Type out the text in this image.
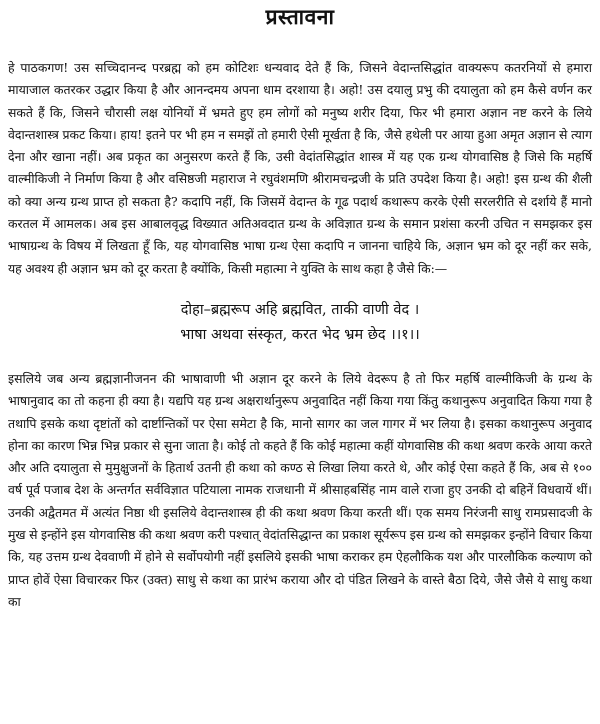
प्रस्तावना

हे पाठकगण! उस सच्चिदानन्द परब्रह्म को हम कोटिशः धन्यवाद देते हैं कि, जिसने वेदान्तसिद्धांत वाक्यरूप कतरनियों से हमारा मायाजाल कतरकर उद्धार किया है और आनन्दमय अपना धाम दरशाया है। अहो! उस दयालु प्रभु की दयालुता को हम कैसे वर्णन कर सकते हैं कि, जिसने चौरासी लक्ष योनियों में भ्रमते हुए हम लोगों को मनुष्य शरीर दिया, फिर भी हमारा अज्ञान नष्ट करने के लिये वेदान्तशास्त्र प्रकट किया। हाय! इतने पर भी हम न समझें तो हमारी ऐसी मूर्खता है कि, जैसे हथेली पर आया हुआ अमृत अज्ञान से त्याग देना और खाना नहीं। अब प्रकृत का अनुसरण करते हैं कि, उसी वेदांतसिद्धांत शास्त्र में यह एक ग्रन्थ योगवासिष्ठ है जिसे कि महर्षि वाल्मीकिजी ने निर्माण किया है और वसिष्ठजी महाराज ने रघुवंशमणि श्रीरामचन्द्रजी के प्रति उपदेश किया है। अहो! इस ग्रन्थ की शैली को क्या अन्य ग्रन्थ प्राप्त हो सकता है? कदापि नहीं, कि जिसमें वेदान्त के गूढ पदार्थ कथारूप करके ऐसी सरलरीति से दर्शाये हैं मानो करतल में आमलक। अब इस आबालवृद्ध विख्यात अतिअवदात ग्रन्थ के अविज्ञात ग्रन्थ के समान प्रशंसा करनी उचित न समझकर इस भाषाग्रन्थ के विषय में लिखता हूँ कि, यह योगवासिष्ठ भाषा ग्रन्थ ऐसा कदापि न जानना चाहिये कि, अज्ञान भ्रम को दूर नहीं कर सके, यह अवश्य ही अज्ञान भ्रम को दूर करता है क्योंकि, किसी महात्मा ने युक्ति के साथ कहा है जैसे कि:—

दोहा–ब्रह्मरूप अहि ब्रह्मवित, ताकी वाणी वेद ।
भाषा अथवा संस्कृत, करत भेद भ्रम छेद ।।१।।

इसलिये जब अन्य ब्रह्मज्ञानीजनन की भाषावाणी भी अज्ञान दूर करने के लिये वेदरूप है तो फिर महर्षि वाल्मीकिजी के ग्रन्थ के भाषानुवाद का तो कहना ही क्या है। यद्यपि यह ग्रन्थ अक्षरार्थानुरूप अनुवादित नहीं किया गया किंतु कथानुरूप अनुवादित किया गया है तथापि इसके कथा दृष्टांतों को दार्ष्टान्तिकों पर ऐसा समेटा है कि, मानो सागर का जल गागर में भर लिया है। इसका कथानुरूप अनुवाद होना का कारण भिन्न भिन्न प्रकार से सुना जाता है। कोई तो कहते हैं कि कोई महात्मा कहीं योगवासिष्ठ की कथा श्रवण करके आया करते और अति दयालुता से मुमुक्षुजनों के हितार्थ उतनी ही कथा को कण्ठ से लिखा लिया करते थे, और कोई ऐसा कहते हैं कि, अब से १०० वर्ष पूर्व पजाब देश के अन्तर्गत सर्वविज्ञात पटियाला नामक राजधानी में श्रीसाहबसिंह नाम वाले राजा हुए उनकी दो बहिनें विधवायें थीं। उनकी अद्वैतमत में अत्यंत निष्ठा थी इसलिये वेदान्तशास्त्र ही की कथा श्रवण किया करती थीं। एक समय निरंजनी साधु रामप्रसादजी के मुख से इन्होंने इस योगवासिष्ठ की कथा श्रवण करी पश्चात् वेदांतसिद्धान्त का प्रकाश सूर्यरूप इस ग्रन्थ को समझकर इन्होंने विचार किया कि, यह उत्तम ग्रन्थ देववाणी में होने से सर्वोपयोगी नहीं इसलिये इसकी भाषा कराकर हम ऐहलौकिक यश और पारलौकिक कल्याण को प्राप्त होवें ऐसा विचारकर फिर (उक्त) साधु से कथा का प्रारंभ कराया और दो पंडित लिखने के वास्ते बैठा दिये, जैसे जैसे ये साधु कथा का
